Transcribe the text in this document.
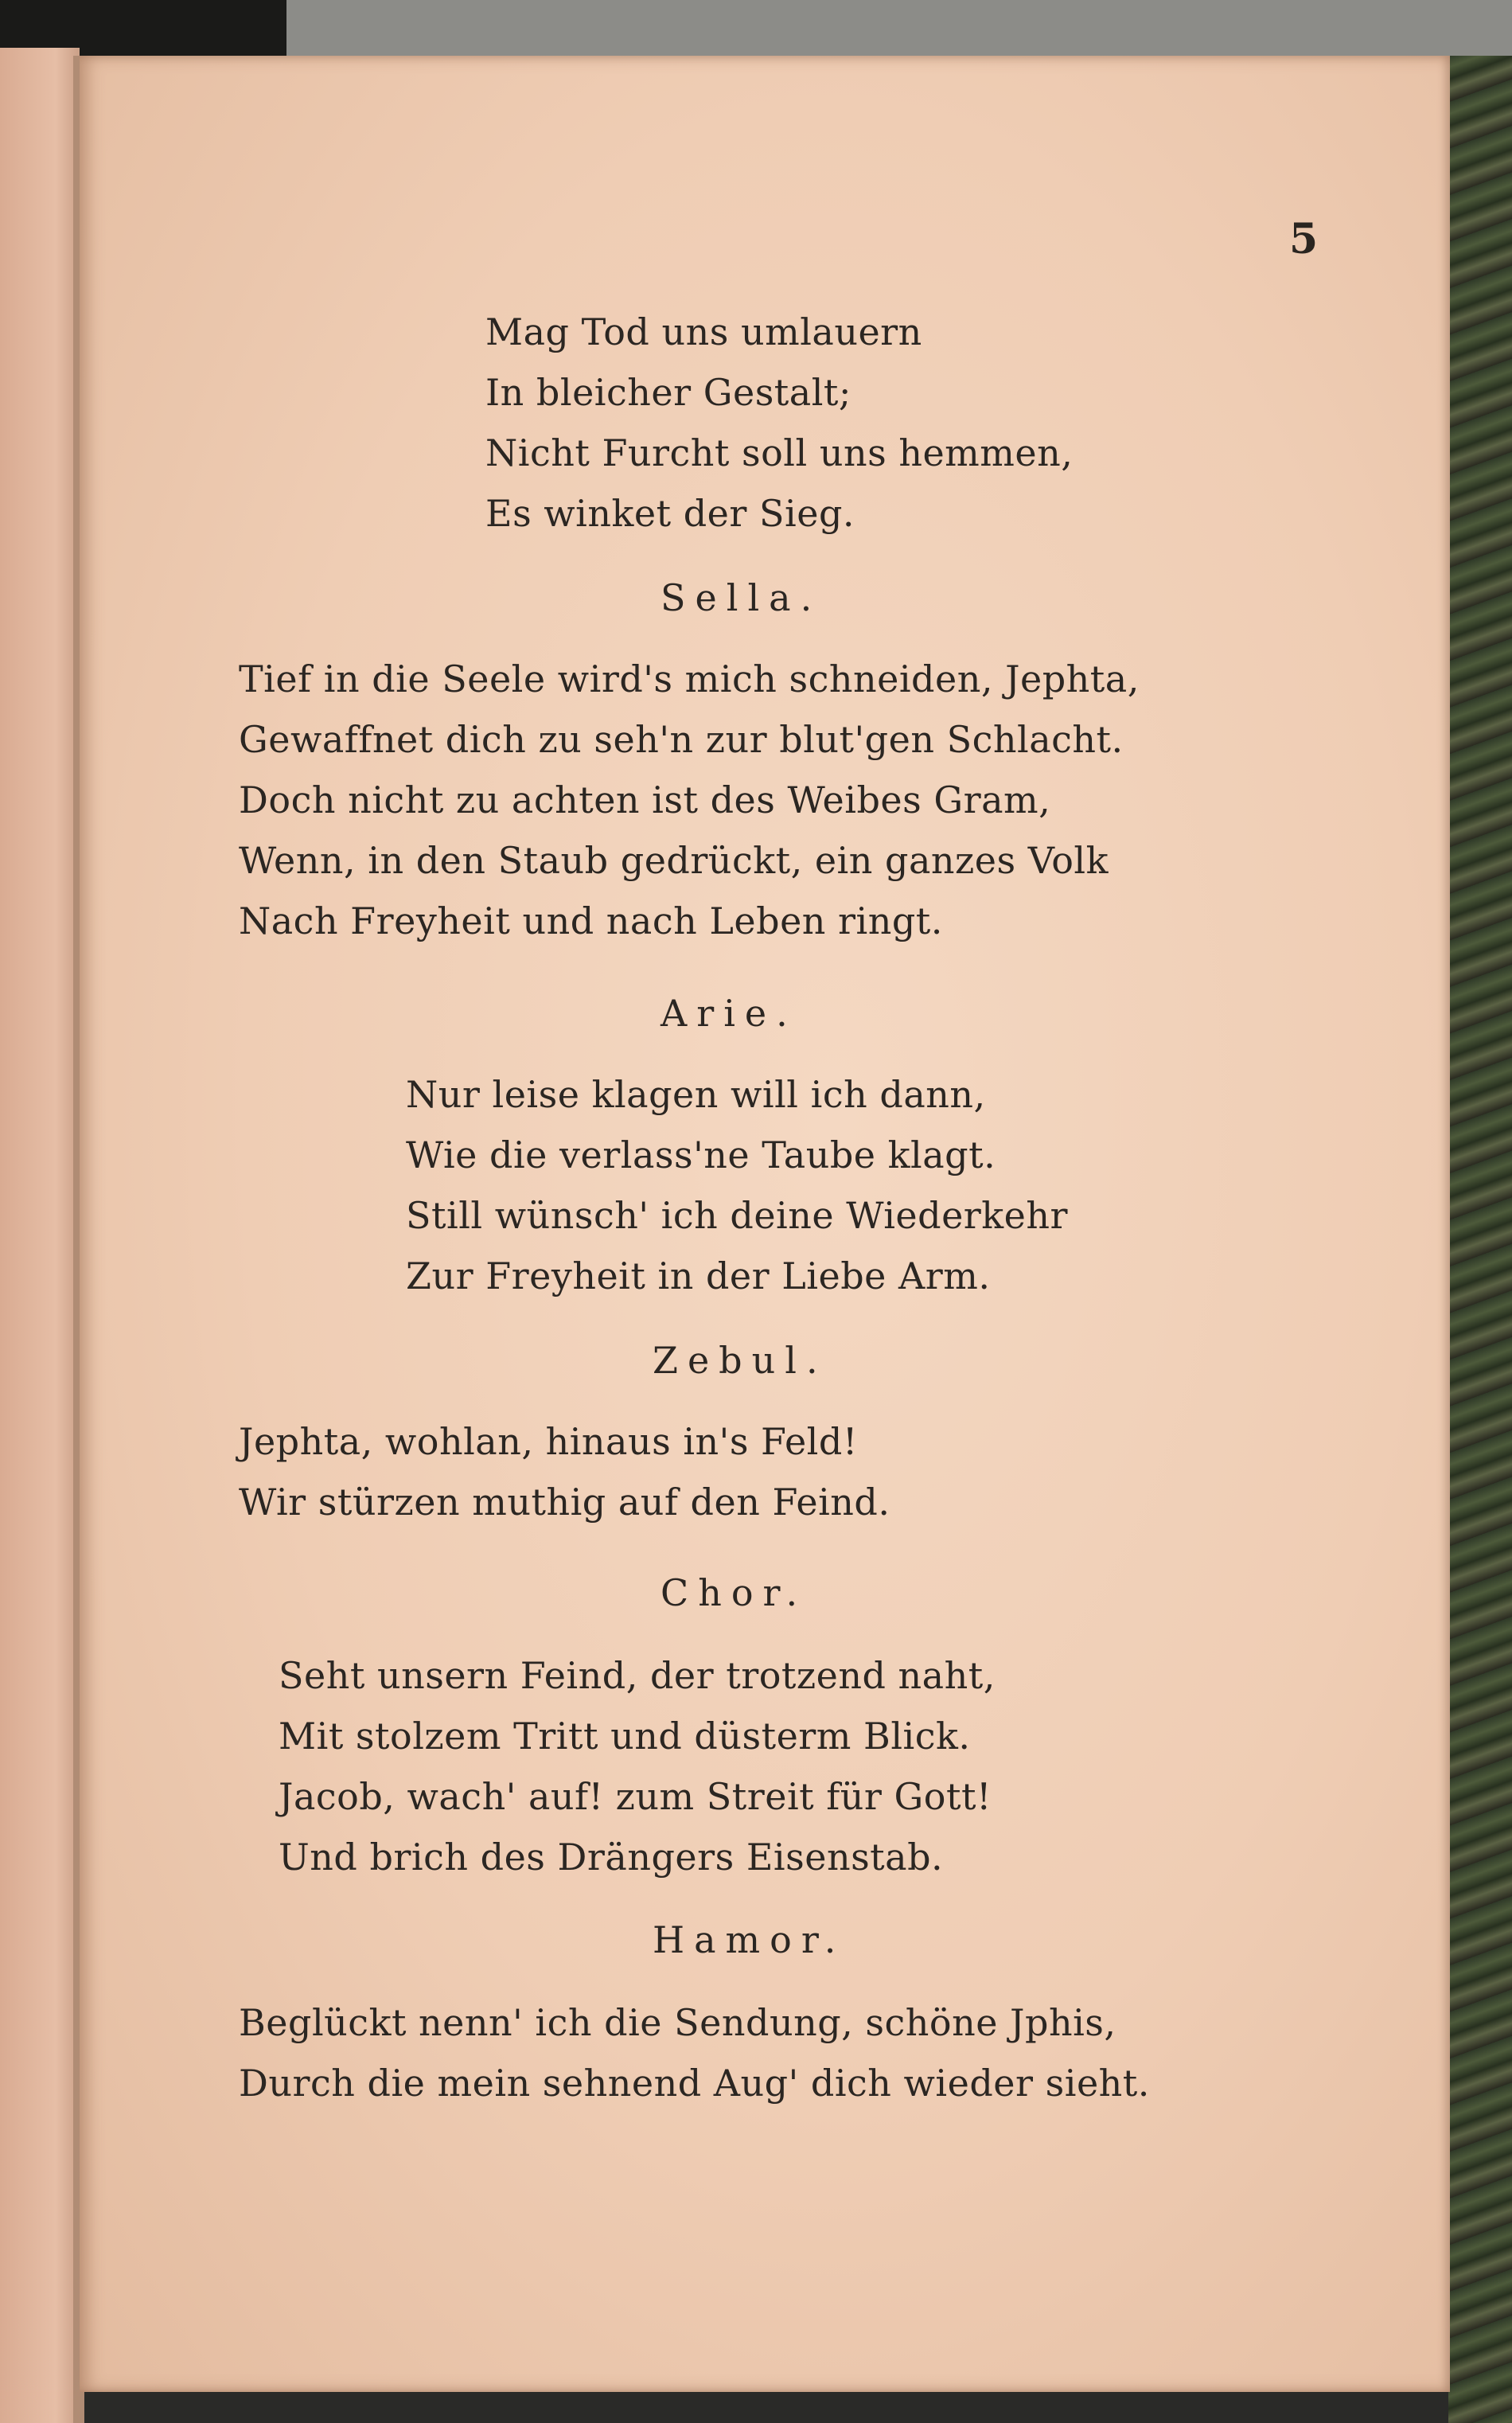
5
Mag Tod uns umlauern
In bleicher Gestalt;
Nicht Furcht soll uns hemmen,
Es winket der Sieg.
Sella.
Tief in die Seele wird's mich schneiden, Jephta,
Gewaffnet dich zu seh'n zur blut'gen Schlacht.
Doch nicht zu achten ist des Weibes Gram,
Wenn, in den Staub gedrückt, ein ganzes Volk
Nach Freyheit und nach Leben ringt.
Arie.
Nur leise klagen will ich dann,
Wie die verlass'ne Taube klagt.
Still wünsch' ich deine Wiederkehr
Zur Freyheit in der Liebe Arm.
Zebul.
Jephta, wohlan, hinaus in's Feld!
Wir stürzen muthig auf den Feind.
Chor.
Seht unsern Feind, der trotzend naht,
Mit stolzem Tritt und düsterm Blick.
Jacob, wach' auf! zum Streit für Gott!
Und brich des Drängers Eisenstab.
Hamor.
Beglückt nenn' ich die Sendung, schöne Jphis,
Durch die mein sehnend Aug' dich wieder sieht.
